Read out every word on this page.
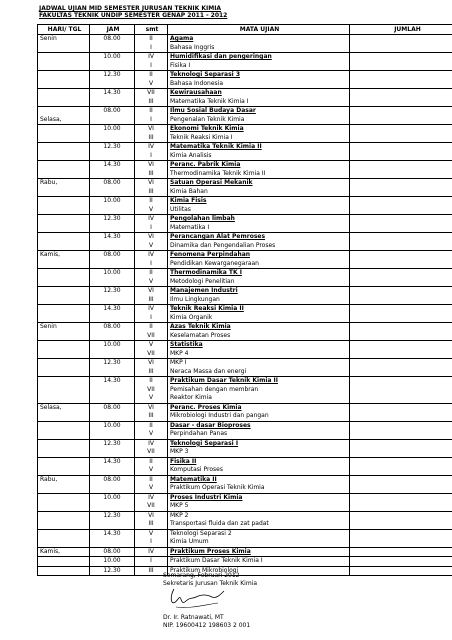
JADWAL UJIAN MID SEMESTER JURUSAN TEKNIK KIMIA
FAKULTAS TEKNIK UNDIP SEMESTER GENAP 2011 - 2012
HARI/ TGL	JAM	smt	MATA UJIAN	JUMLAH
Senin	08.00	II	Agama	
		I	Bahasa Inggris	
	10.00	IV	Humidifikasi dan pengeringan	
		I	Fisika I	
	12.30	II	Teknologi Separasi 3	
		V	Bahasa Indonesia	
	14.30	VII	Kewirausahaan	
		III	Matematika Teknik Kimia I	
	08.00	II	Ilmu Sosial Budaya Dasar	
Selasa,		I	Pengenalan Teknik Kimia	
	10.00	VI	Ekonomi Teknik Kimia	
		III	Teknik Reaksi Kimia I	
	12.30	IV	Matematika Teknik Kimia II	
		I	Kimia Analisis	
	14.30	VI	Peranc. Pabrik Kimia	
		III	Thermodinamika Teknik Kimia II	
Rabu,	08.00	VI	Satuan Operasi Mekanik	
		III	Kimia Bahan	
	10.00	II	Kimia Fisis	
		V	Utilitas	
	12.30	IV	Pengolahan limbah	
		I	Matematika I	
	14.30	VI	Perancangan Alat Pemroses	
		V	Dinamika dan Pengendalian Proses	
Kamis,	08.00	IV	Fenomena Perpindahan	
		I	Pendidikan Kewarganegaraan	
	10.00	II	Thermodinamika TK I	
		V	Metodologi Penelitian	
	12.30	VI	Manajemen Industri	
		III	Ilmu Lingkungan	
	14.30	IV	Teknik Reaksi Kimia II	
		I	Kimia Organik	
Senin	08.00	II	Azas Teknik Kimia	
		VII	Keselamatan Proses	
	10.00	V	Statistika	
		VII	MKP 4	
	12.30	VI	MKP I	
		III	Neraca Massa dan energi	
	14.30	II	Praktikum Dasar Teknik Kimia II	
		VII	Pemisahan dengan membran	
		V	Reaktor Kimia	
Selasa,	08.00	VI	Peranc. Proses Kimia	
		III	Mikrobiologi Industri dan pangan	
	10.00	II	Dasar - dasar Bioproses	
		V	Perpindahan Panas	
	12.30	IV	Teknologi Separasi I	
		VII	MKP 3	
	14.30	II	Fisika II	
		V	Komputasi Proses	
Rabu,	08.00	II	Matematika II	
		V	Praktikum Operasi Teknik Kimia	
	10.00	IV	Proses Industri Kimia	
		VII	MKP 5	
	12.30	VI	MKP 2	
		III	Transportasi fluida dan zat padat	
	14.30	V	Teknologi Separasi 2	
		I	Kimia Umum	
Kamis,	08.00	IV	Praktikum Proses Kimia	
	10.00	I	Praktikum Dasar Teknik Kimia I	
	12.30	III	Praktikum Mikrobiologi	
Semarang, Februari 2012
Sekretaris Jurusan Teknik Kimia
Dr. Ir. Ratnawati, MT
NIP. 19600412 198603 2 001
